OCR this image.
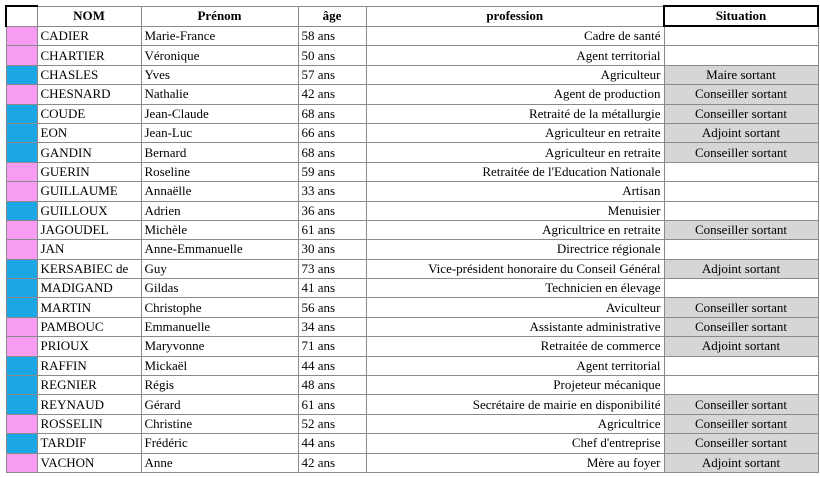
	NOM	Prénom	âge	profession	Situation
	CADIER	Marie-France	58 ans	Cadre de santé	
	CHARTIER	Véronique	50 ans	Agent territorial	
	CHASLES	Yves	57 ans	Agriculteur	Maire sortant
	CHESNARD	Nathalie	42 ans	Agent de production	Conseiller sortant
	COUDE	Jean-Claude	68 ans	Retraité de la métallurgie	Conseiller sortant
	EON	Jean-Luc	66 ans	Agriculteur en retraite	Adjoint sortant
	GANDIN	Bernard	68 ans	Agriculteur en retraite	Conseiller sortant
	GUERIN	Roseline	59 ans	Retraitée de l'Education Nationale	
	GUILLAUME	Annaëlle	33 ans	Artisan	
	GUILLOUX	Adrien	36 ans	Menuisier	
	JAGOUDEL	Michèle	61 ans	Agricultrice en retraite	Conseiller sortant
	JAN	Anne-Emmanuelle	30 ans	Directrice régionale	
	KERSABIEC de	Guy	73 ans	Vice-président honoraire du Conseil Général	Adjoint sortant
	MADIGAND	Gildas	41 ans	Technicien en élevage	
	MARTIN	Christophe	56 ans	Aviculteur	Conseiller sortant
	PAMBOUC	Emmanuelle	34 ans	Assistante administrative	Conseiller sortant
	PRIOUX	Maryvonne	71 ans	Retraitée de commerce	Adjoint sortant
	RAFFIN	Mickaël	44 ans	Agent territorial	
	REGNIER	Régis	48 ans	Projeteur mécanique	
	REYNAUD	Gérard	61 ans	Secrétaire de mairie en disponibilité	Conseiller sortant
	ROSSELIN	Christine	52 ans	Agricultrice	Conseiller sortant
	TARDIF	Frédéric	44 ans	Chef d'entreprise	Conseiller sortant
	VACHON	Anne	42 ans	Mère au foyer	Adjoint sortant
